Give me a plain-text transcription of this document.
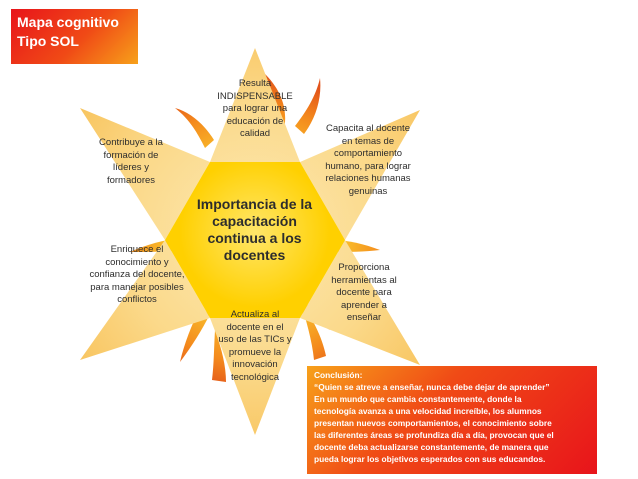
Mapa cognitivo
Tipo SOL
Importancia de la
capacitación
continua a los
docentes
Resulta
INDISPENSABLE
para lograr una
educación de
calidad	Capacita al docente
en temas de
comportamiento
humano, para lograr
relaciones humanas
genuinas
Proporciona
herramientas al
docente para
aprender a
enseñar
Actualiza al
docente en el
uso de las TICs y
promueve la
innovación
tecnológica
Enriquece el
conocimiento y
confianza del docente,
para manejar posibles
conflictos
Contribuye a la
formación de
líderes y
formadores
Conclusión:
“Quien se atreve a enseñar, nunca debe dejar de aprender”
En un mundo que cambia constantemente, donde la
tecnología avanza a una velocidad increíble, los alumnos
presentan nuevos comportamientos, el conocimiento sobre
las diferentes áreas se profundiza día a día, provocan que el
docente deba actualizarse constantemente, de manera que
pueda lograr los objetivos esperados con sus educandos.
